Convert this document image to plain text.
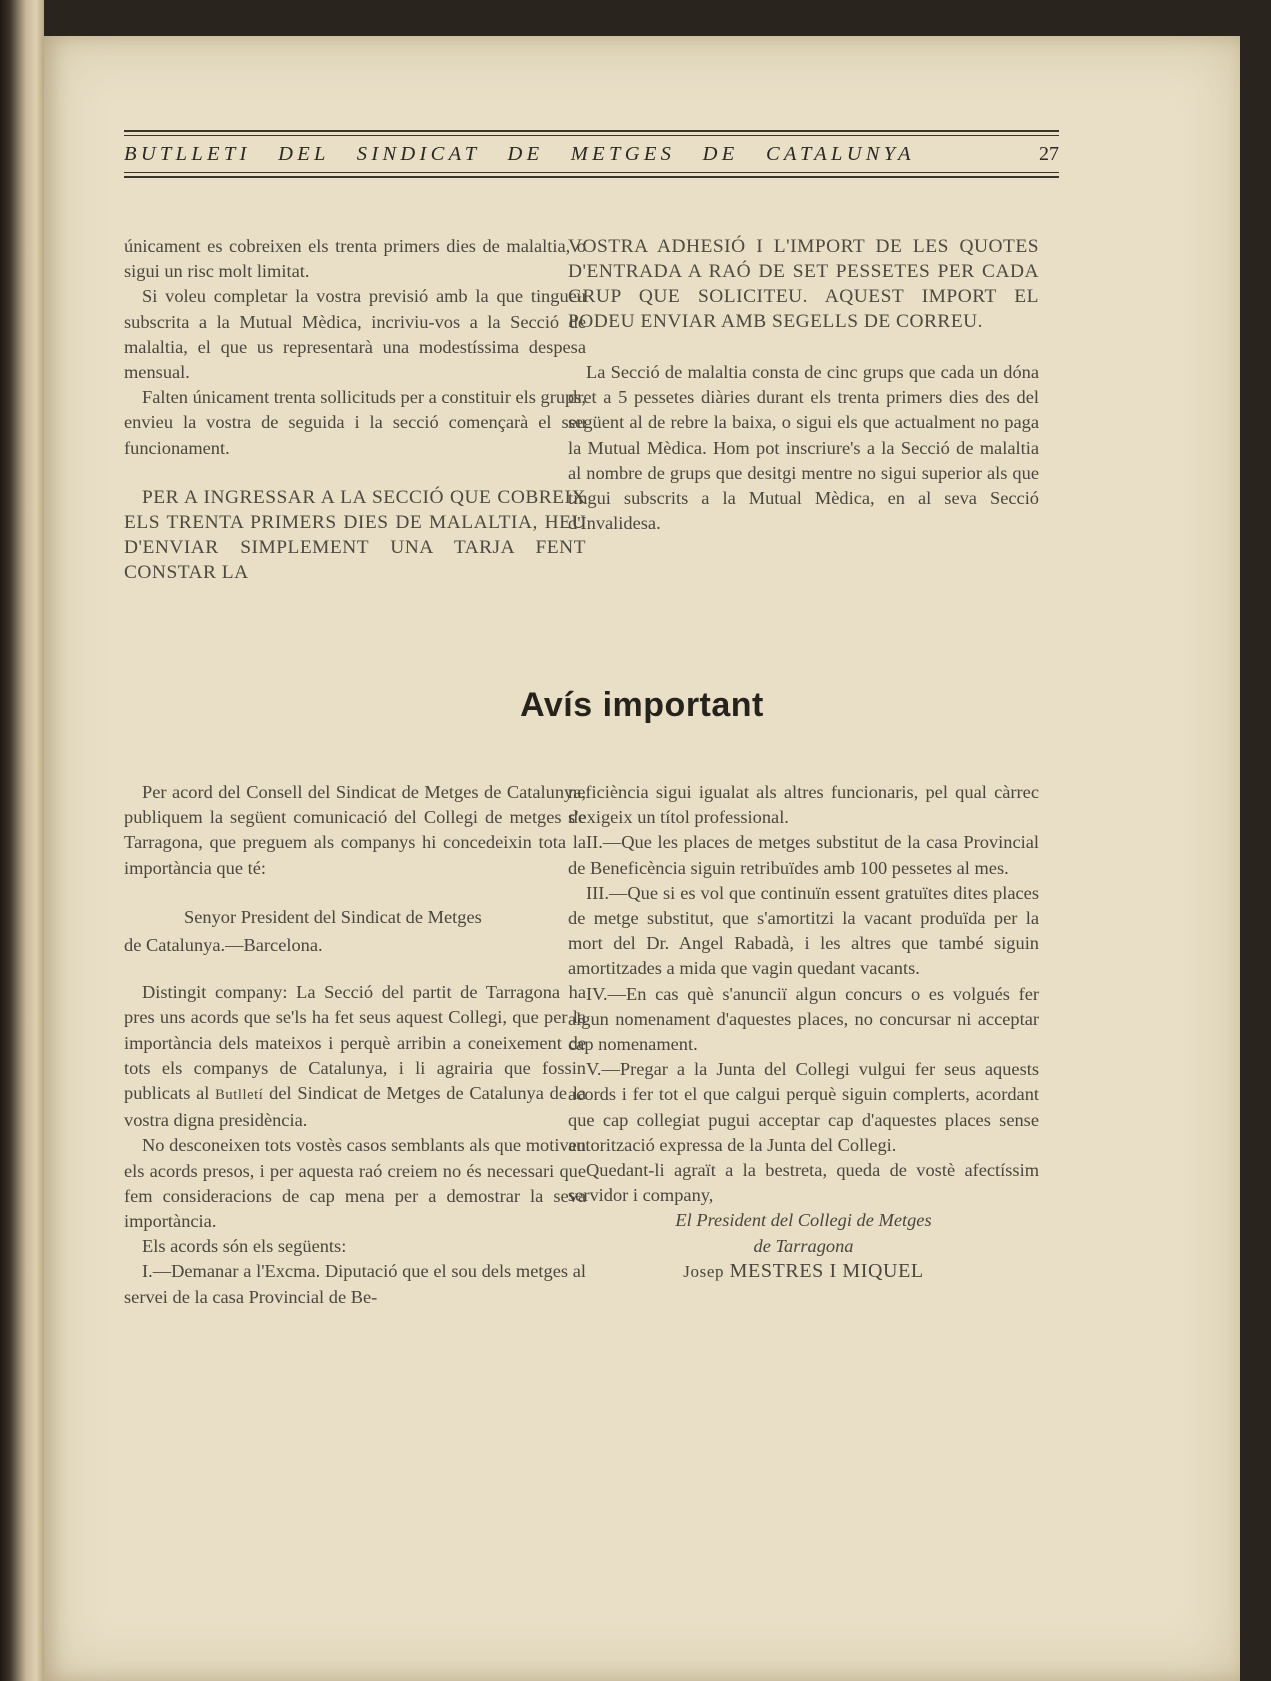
BUTLLETI DEL SINDICAT DE METGES DE CATALUNYA	27

únicament es cobreixen els trenta primers dies de malaltia, o sigui un risc molt limitat.

Si voleu completar la vostra previsió amb la que tingueu subscrita a la Mutual Mèdica, incriviu-vos a la Secció de malaltia, el que us representarà una modestíssima despesa mensual.

Falten únicament trenta sollicituds per a constituir els grups, envieu la vostra de seguida i la secció començarà el seu funcionament.

PER A INGRESSAR A LA SECCIÓ QUE COBREIX ELS TRENTA PRIMERS DIES DE MALALTIA, HEU D'ENVIAR SIMPLEMENT UNA TARJA FENT CONSTAR LA

VOSTRA ADHESIÓ I L'IMPORT DE LES QUOTES D'ENTRADA A RAÓ DE SET PESSETES PER CADA GRUP QUE SOLICITEU. AQUEST IMPORT EL PODEU ENVIAR AMB SEGELLS DE CORREU.

La Secció de malaltia consta de cinc grups que cada un dóna dret a 5 pessetes diàries durant els trenta primers dies des del següent al de rebre la baixa, o sigui els que actualment no paga la Mutual Mèdica. Hom pot inscriure's a la Secció de malaltia al nombre de grups que desitgi mentre no sigui superior als que tingui subscrits a la Mutual Mèdica, en al seva Secció d'Invalidesa.

Avís important

Per acord del Consell del Sindicat de Metges de Catalunya, publiquem la següent comunicació del Collegi de metges de Tarragona, que preguem als companys hi concedeixin tota la importància que té:

Senyor President del Sindicat de Metges

de Catalunya.—Barcelona.

Distingit company: La Secció del partit de Tarragona ha pres uns acords que se'ls ha fet seus aquest Collegi, que per la importància dels mateixos i perquè arribin a coneixement de tots els companys de Catalunya, i li agrairia que fossin publicats al Butlletí del Sindicat de Metges de Catalunya de la vostra digna presidència.

No desconeixen tots vostès casos semblants als que motiven els acords presos, i per aquesta raó creiem no és necessari que fem consideracions de cap mena per a demostrar la seva importància.

Els acords són els següents:

I.—Demanar a l'Excma. Diputació que el sou dels metges al servei de la casa Provincial de Be-

neficiència sigui igualat als altres funcionaris, pel qual càrrec s'exigeix un títol professional.

II.—Que les places de metges substitut de la casa Provincial de Beneficència siguin retribuïdes amb 100 pessetes al mes.

III.—Que si es vol que continuïn essent gratuïtes dites places de metge substitut, que s'amortitzi la vacant produïda per la mort del Dr. Angel Rabadà, i les altres que també siguin amortitzades a mida que vagin quedant vacants.

IV.—En cas què s'anunciï algun concurs o es volgués fer algun nomenament d'aquestes places, no concursar ni acceptar cap nomenament.

V.—Pregar a la Junta del Collegi vulgui fer seus aquests acords i fer tot el que calgui perquè siguin complerts, acordant que cap collegiat pugui acceptar cap d'aquestes places sense autorització expressa de la Junta del Collegi.

Quedant-li agraït a la bestreta, queda de vostè afectíssim servidor i company,

El President del Collegi de Metges

de Tarragona

Josep MESTRES I MIQUEL
